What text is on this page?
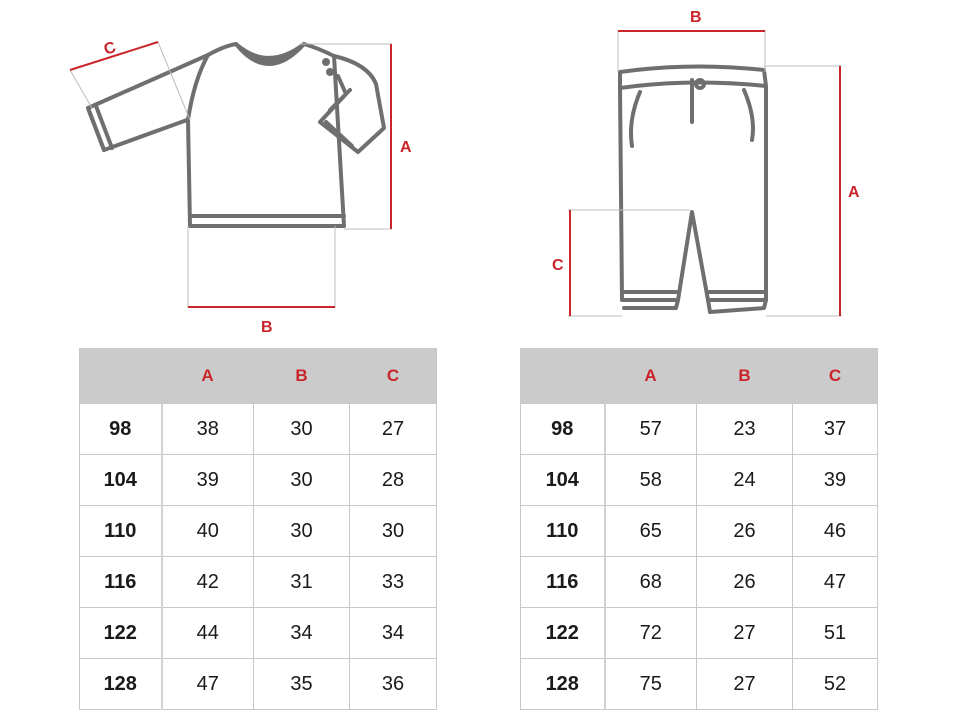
A
B
C
A
B
C
	A	B	C
98	38	30	27
104	39	30	28
110	40	30	30
116	42	31	33
122	44	34	34
128	47	35	36
	A	B	C
98	57	23	37
104	58	24	39
110	65	26	46
116	68	26	47
122	72	27	51
128	75	27	52
